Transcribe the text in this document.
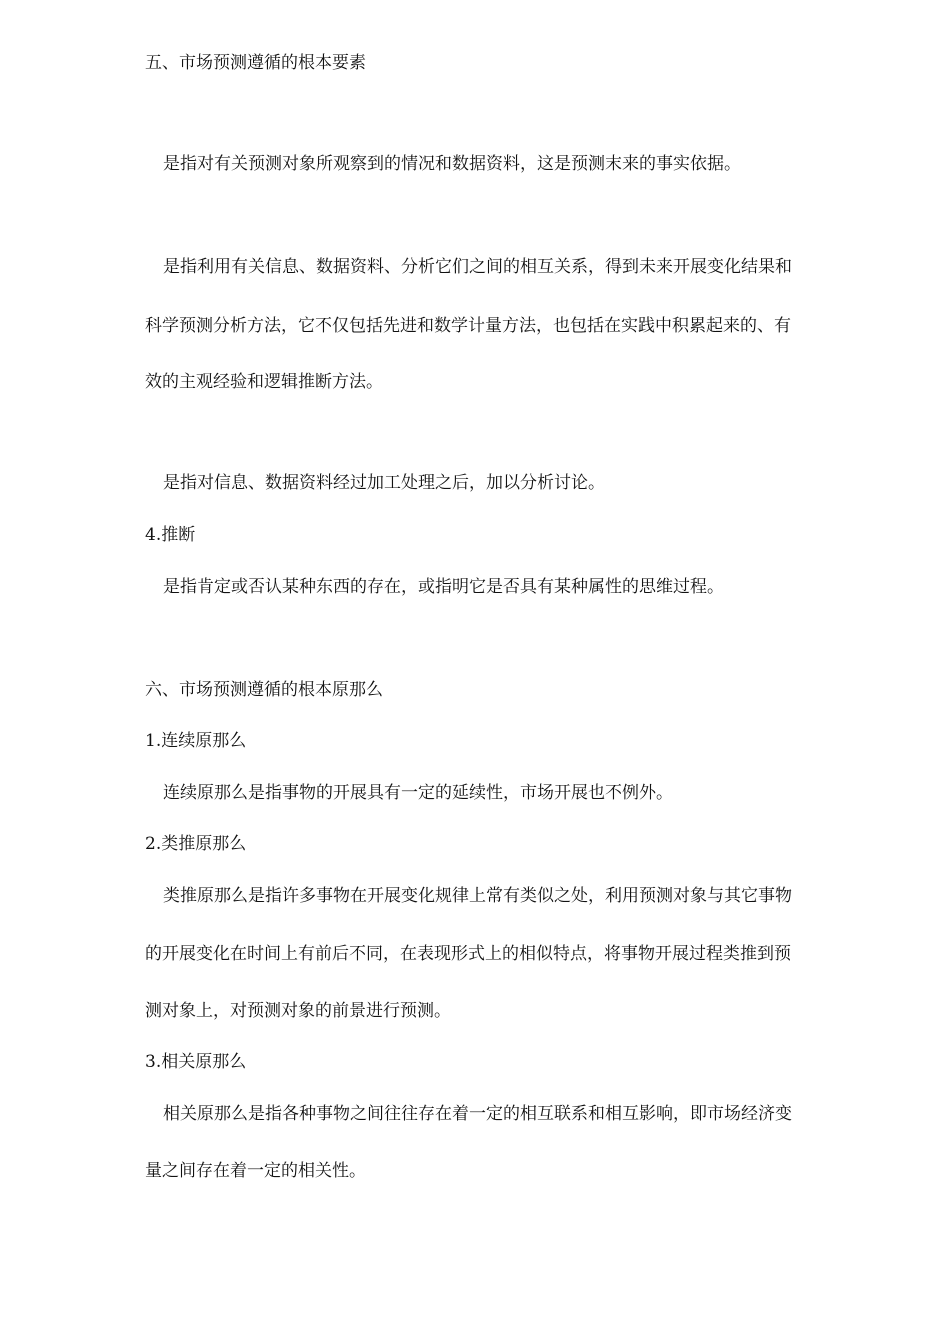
五、市场预测遵循的根本要素
是指对有关预测对象所观察到的情况和数据资料，这是预测末来的事实依据。
是指利用有关信息、数据资料、分析它们之间的相互关系，得到未来开展变化结果和
科学预测分析方法，它不仅包括先进和数学计量方法，也包括在实践中积累起来的、有
效的主观经验和逻辑推断方法。
是指对信息、数据资料经过加工处理之后，加以分析讨论。
4.推断
是指肯定或否认某种东西的存在，或指明它是否具有某种属性的思维过程。
六、市场预测遵循的根本原那么
1.连续原那么
连续原那么是指事物的开展具有一定的延续性，市场开展也不例外。
2.类推原那么
类推原那么是指许多事物在开展变化规律上常有类似之处，利用预测对象与其它事物
的开展变化在时间上有前后不同，在表现形式上的相似特点，将事物开展过程类推到预
测对象上，对预测对象的前景进行预测。
3.相关原那么
相关原那么是指各种事物之间往往存在着一定的相互联系和相互影响，即市场经济变
量之间存在着一定的相关性。
